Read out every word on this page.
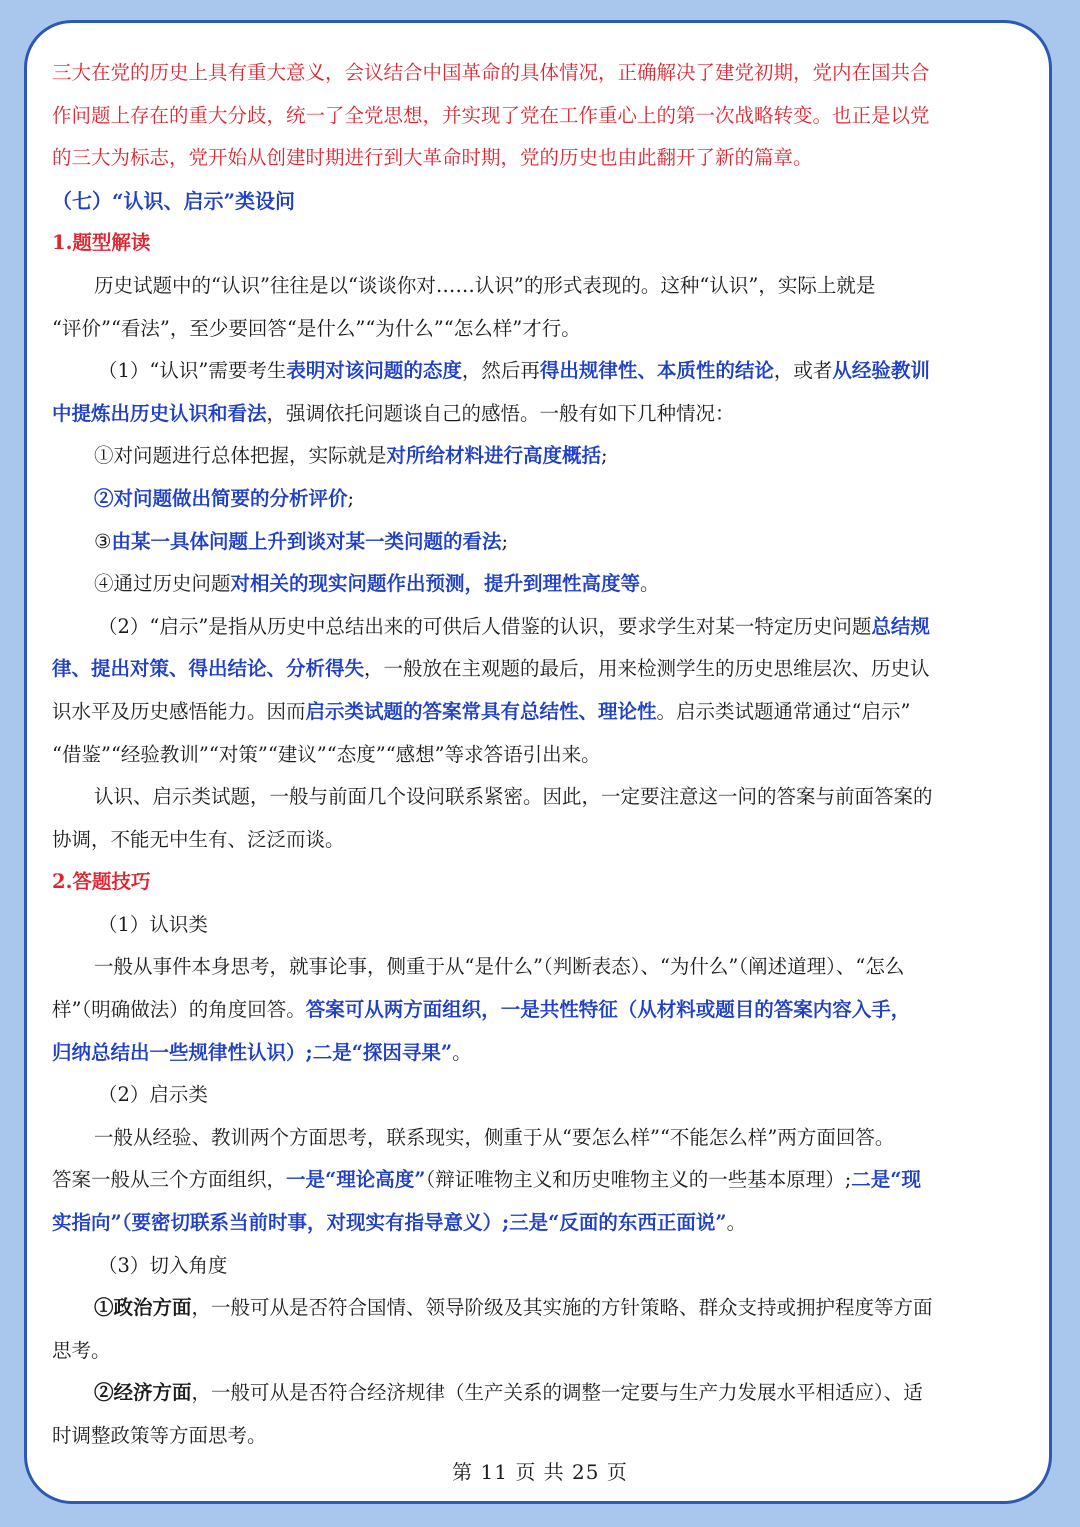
三大在党的历史上具有重大意义，会议结合中国革命的具体情况，正确解决了建党初期，党内在国共合
作问题上存在的重大分歧，统一了全党思想，并实现了党在工作重心上的第一次战略转变。也正是以党
的三大为标志，党开始从创建时期进行到大革命时期，党的历史也由此翻开了新的篇章。
（七）“认识、启示”类设问
1.题型解读
历史试题中的“认识”往往是以“谈谈你对……认识”的形式表现的。这种“认识”，实际上就是
“评价”“看法”，至少要回答“是什么”“为什么”“怎么样”才行。
（1）“认识”需要考生表明对该问题的态度，然后再得出规律性、本质性的结论，或者从经验教训
中提炼出历史认识和看法，强调依托问题谈自己的感悟。一般有如下几种情况：
①对问题进行总体把握，实际就是对所给材料进行高度概括;
②对问题做出简要的分析评价;
③由某一具体问题上升到谈对某一类问题的看法;
④通过历史问题对相关的现实问题作出预测，提升到理性高度等。
（2）“启示”是指从历史中总结出来的可供后人借鉴的认识，要求学生对某一特定历史问题总结规
律、提出对策、得出结论、分析得失，一般放在主观题的最后，用来检测学生的历史思维层次、历史认
识水平及历史感悟能力。因而启示类试题的答案常具有总结性、理论性。启示类试题通常通过“启示”
“借鉴”“经验教训”“对策”“建议”“态度”“感想”等求答语引出来。
认识、启示类试题，一般与前面几个设问联系紧密。因此，一定要注意这一问的答案与前面答案的
协调，不能无中生有、泛泛而谈。
2.答题技巧
（1）认识类
一般从事件本身思考，就事论事，侧重于从“是什么”（判断表态）、“为什么”（阐述道理）、“怎么
样”（明确做法）的角度回答。答案可从两方面组织，一是共性特征（从材料或题目的答案内容入手，
归纳总结出一些规律性认识）;二是“探因寻果”。
（2）启示类
一般从经验、教训两个方面思考，联系现实，侧重于从“要怎么样”“不能怎么样”两方面回答。
答案一般从三个方面组织，一是“理论高度”（辩证唯物主义和历史唯物主义的一些基本原理）;二是“现
实指向”（要密切联系当前时事，对现实有指导意义）;三是“反面的东西正面说”。
（3）切入角度
①政治方面，一般可从是否符合国情、领导阶级及其实施的方针策略、群众支持或拥护程度等方面
思考。
②经济方面，一般可从是否符合经济规律（生产关系的调整一定要与生产力发展水平相适应）、适
时调整政策等方面思考。
第 11 页 共 25 页
